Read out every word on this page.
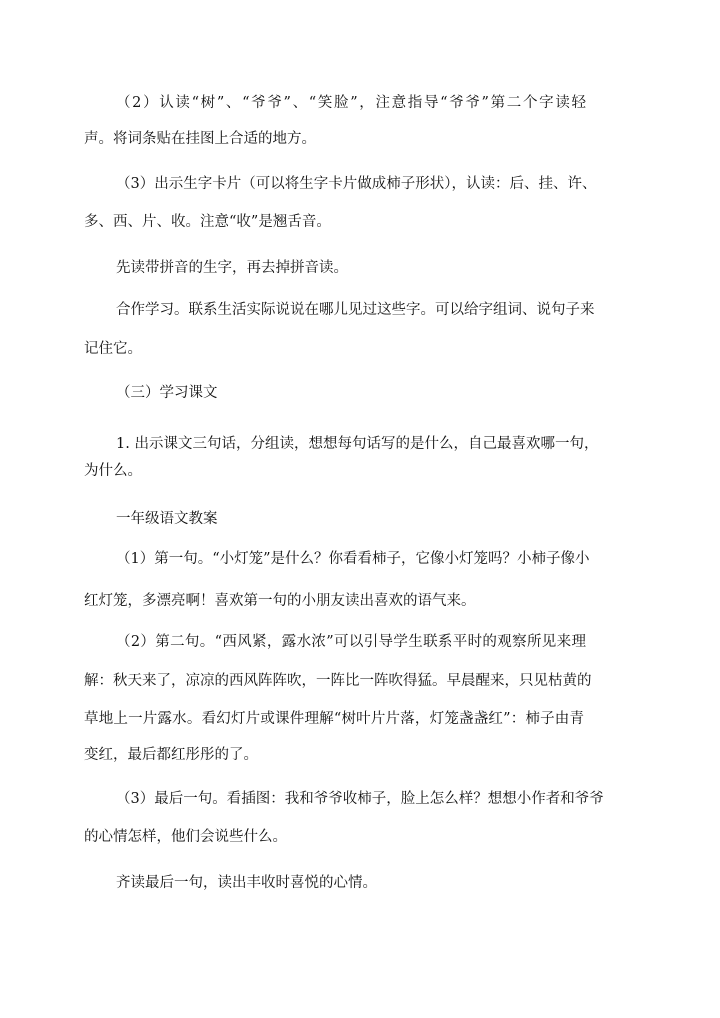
（2）认读“树”、“爷爷”、“笑脸”，注意指导“爷爷”第二个字读轻
声。将词条贴在挂图上合适的地方。
（3）出示生字卡片（可以将生字卡片做成柿子形状），认读：后、挂、许、
多、西、片、收。注意“收”是翘舌音。
先读带拼音的生字，再去掉拼音读。
合作学习。联系生活实际说说在哪儿见过这些字。可以给字组词、说句子来
记住它。
（三）学习课文
1. 出示课文三句话，分组读，想想每句话写的是什么，自己最喜欢哪一句，
为什么。
一年级语文教案
（1）第一句。“小灯笼”是什么？你看看柿子，它像小灯笼吗？小柿子像小
红灯笼，多漂亮啊！喜欢第一句的小朋友读出喜欢的语气来。
（2）第二句。“西风紧，露水浓”可以引导学生联系平时的观察所见来理
解：秋天来了，凉凉的西风阵阵吹，一阵比一阵吹得猛。早晨醒来，只见枯黄的
草地上一片露水。看幻灯片或课件理解“树叶片片落，灯笼盏盏红”：柿子由青
变红，最后都红彤彤的了。
（3）最后一句。看插图：我和爷爷收柿子，脸上怎么样？想想小作者和爷爷
的心情怎样，他们会说些什么。
齐读最后一句，读出丰收时喜悦的心情。
